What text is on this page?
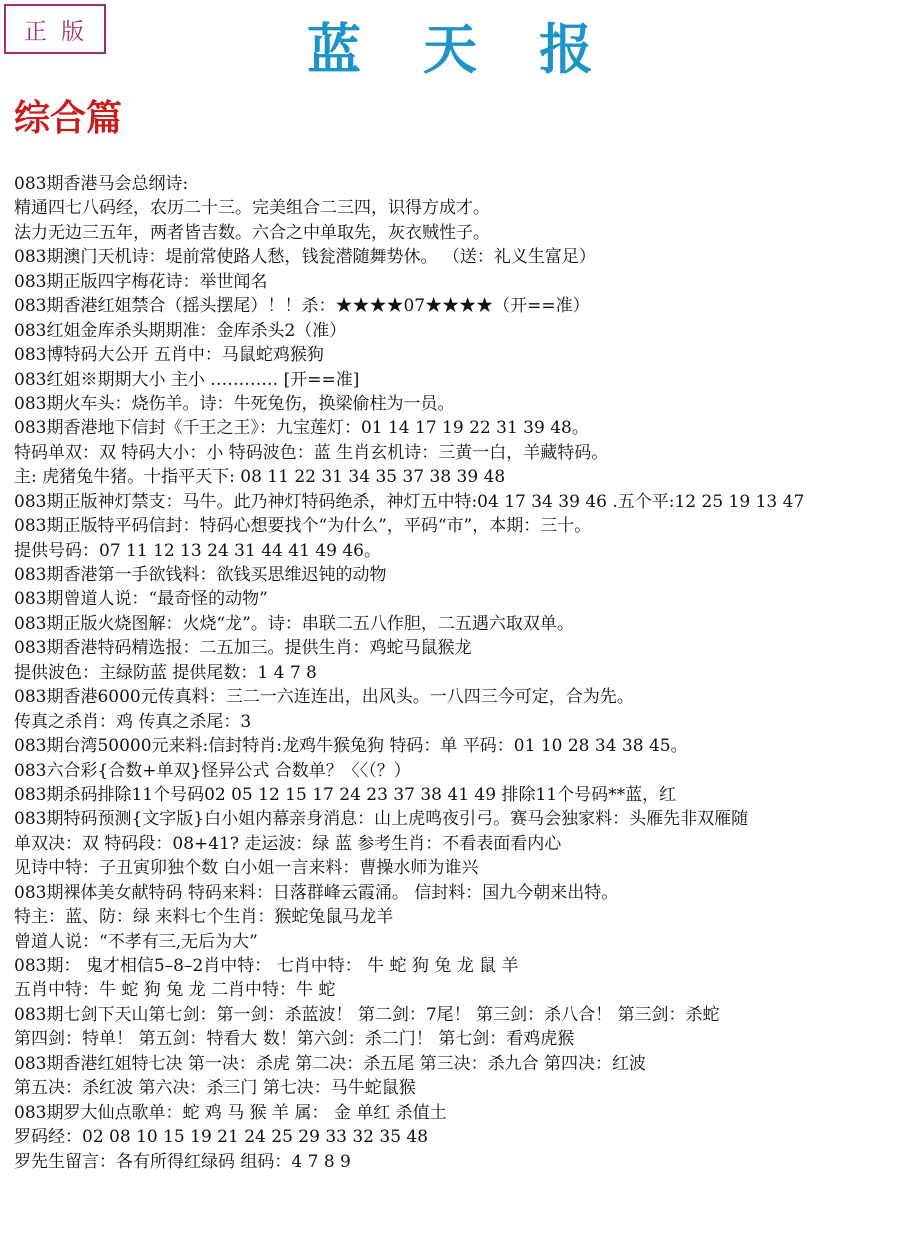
正版	蓝天报
综合篇
083期香港马会总纲诗:
精通四七八码经，农历二十三。完美组合二三四，识得方成才。
法力无边三五年，两者皆吉数。六合之中单取先，灰衣贼性子。
083期澳门天机诗：堤前常使路人愁，钱瓮潜随舞势休。 （送：礼义生富足）
083期正版四字梅花诗：举世闻名
083期香港红姐禁合（摇头摆尾）！！杀：★★★★07★★★★（开==准）
083红姐金库杀头期期准：金库杀头2（准）
083博特码大公开 五肖中：马鼠蛇鸡猴狗
083红姐※期期大小 主小 ………… [开==准]
083期火车头：烧伤羊。诗：牛死兔伤，换梁偷柱为一员。
083期香港地下信封《千王之王》：九宝莲灯：01 14 17 19 22 31 39 48。
特码单双：双 特码大小：小 特码波色：蓝 生肖玄机诗：三黄一白，羊藏特码。
主: 虎猪兔牛猪。十指平天下: 08 11 22 31 34 35 37 38 39 48
083期正版神灯禁支：马牛。此乃神灯特码绝杀，神灯五中特:04 17 34 39 46 .五个平:12 25 19 13 47
083期正版特平码信封：特码心想要找个“为什么”，平码“市”，本期：三十。
提供号码：07 11 12 13 24 31 44 41 49 46。
083期香港第一手欲钱料：欲钱买思维迟钝的动物
083期曾道人说：“最奇怪的动物”
083期正版火烧图解：火烧“龙”。诗：串联二五八作胆，二五遇六取双单。
083期香港特码精选报：二五加三。提供生肖：鸡蛇马鼠猴龙
提供波色：主绿防蓝 提供尾数：1 4 7 8
083期香港6000元传真料：三二一六连连出，出风头。一八四三今可定，合为先。
传真之杀肖：鸡 传真之杀尾：3
083期台湾50000元来料:信封特肖:龙鸡牛猴兔狗 特码：单 平码：01 10 28 34 38 45。
083六合彩{合数+单双}怪异公式 合数单？〈〈（？）
083期杀码排除11个号码02 05 12 15 17 24 23 37 38 41 49 排除11个号码**蓝，红
083期特码预测{文字版}白小姐内幕亲身消息：山上虎鸣夜引弓。赛马会独家料：头雁先非双雁随
单双决：双 特码段：08+41? 走运波：绿 蓝 参考生肖：不看表面看内心
见诗中特：子丑寅卯独个数 白小姐一言来料：曹操水师为谁兴
083期裸体美女献特码 特码来料：日落群峰云霞涌。 信封料：国九今朝来出特。
特主：蓝、防：绿 来料七个生肖：猴蛇兔鼠马龙羊
曾道人说：“不孝有三,无后为大”
083期： 鬼才相信5–8–2肖中特： 七肖中特： 牛 蛇 狗 兔 龙 鼠 羊
五肖中特：牛 蛇 狗 兔 龙 二肖中特：牛 蛇
083期七剑下天山第七剑：第一剑：杀蓝波！ 第二剑：7尾！ 第三剑：杀八合！ 第三剑：杀蛇
第四剑：特单！ 第五剑：特看大 数！第六剑：杀二门！ 第七剑：看鸡虎猴
083期香港红姐特七决 第一决：杀虎 第二决：杀五尾 第三决：杀九合 第四决：红波
第五决：杀红波 第六决：杀三门 第七决：马牛蛇鼠猴
083期罗大仙点歌单：蛇 鸡 马 猴 羊 属： 金 单红 杀值土
罗码经：02 08 10 15 19 21 24 25 29 33 32 35 48
罗先生留言：各有所得红绿码 组码：4 7 8 9
